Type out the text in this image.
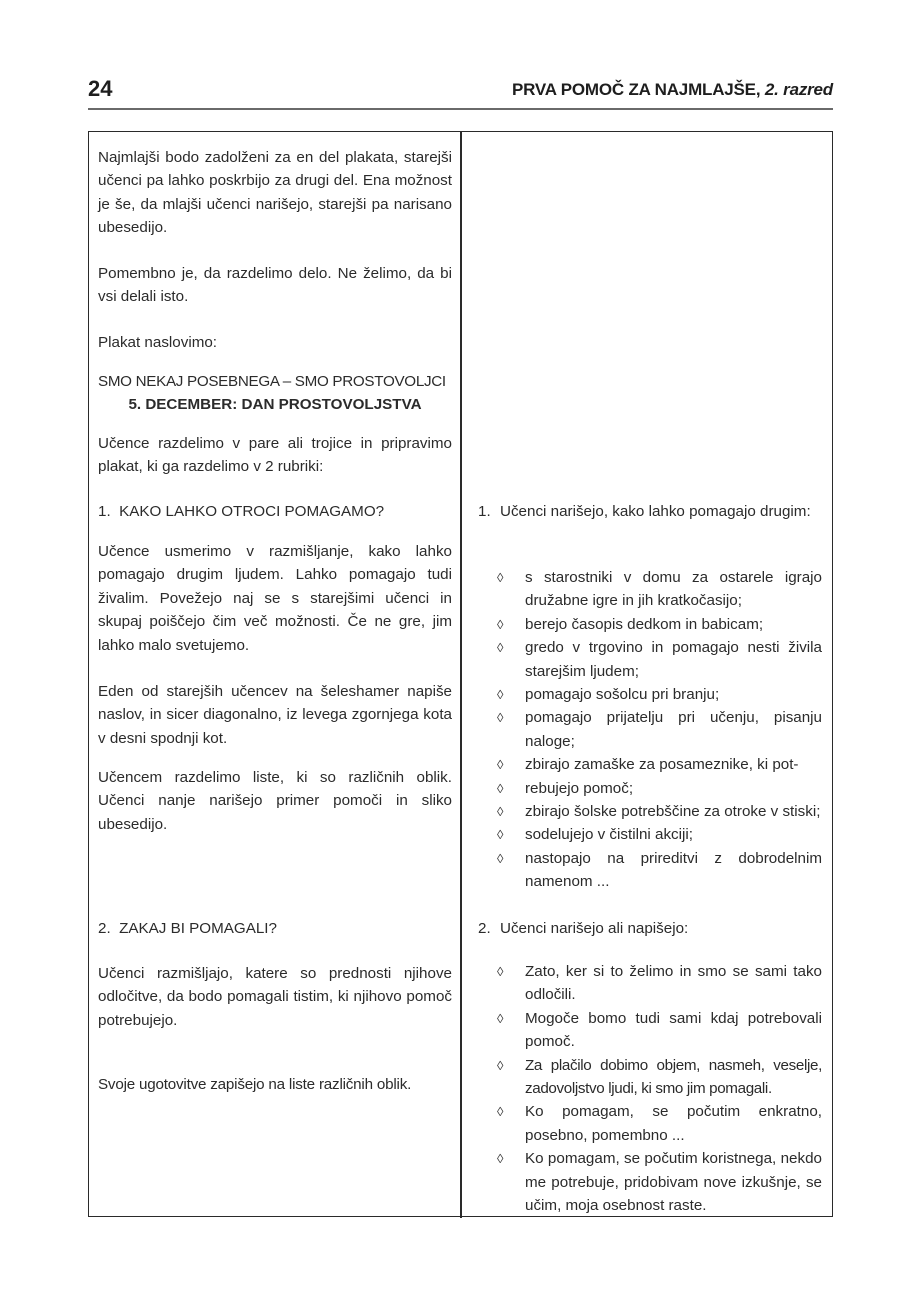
24	PRVA POMOČ ZA NAJMLAJŠE, 2. razred
Najmlajši bodo zadolženi za en del plakata, starejši učenci pa lahko poskrbijo za drugi del. Ena možnost je še, da mlajši učenci narišejo, starejši pa narisano ubesedijo.
Pomembno je, da razdelimo delo. Ne želimo, da bi vsi delali isto.
Plakat naslovimo:
SMO NEKAJ POSEBNEGA – SMO PROSTOVOLJCI
5. DECEMBER: DAN PROSTOVOLJSTVA
Učence razdelimo v pare ali trojice in pripravimo plakat, ki ga razdelimo v 2 rubriki:
1.  KAKO LAHKO OTROCI POMAGAMO?
Učence usmerimo v razmišljanje, kako lahko pomagajo drugim ljudem. Lahko pomagajo tudi živalim. Povežejo naj se s starejšimi učenci in skupaj poiščejo čim več možnosti. Če ne gre, jim lahko malo svetujemo.
Eden od starejših učencev na šeleshamer napiše naslov, in sicer diagonalno, iz levega zgornjega kota v desni spodnji kot.
Učencem razdelimo liste, ki so različnih oblik. Učenci nanje narišejo primer pomoči in sliko ubesedijo.
2.  ZAKAJ BI POMAGALI?
Učenci razmišljajo, katere so prednosti njihove odločitve, da bodo pomagali tistim, ki njihovo pomoč potrebujejo.
Svoje ugotovitve zapišejo na liste različnih oblik.
1. Učenci narišejo, kako lahko pomagajo drugim:
◊ s starostniki v domu za ostarele igrajo družabne igre in jih kratkočasijo;
◊ berejo časopis dedkom in babicam;
◊ gredo v trgovino in pomagajo nesti živila starejšim ljudem;
◊ pomagajo sošolcu pri branju;
◊ pomagajo prijatelju pri učenju, pisanju naloge;
◊ zbirajo zamaške za posameznike, ki pot-
◊ rebujejo pomoč;
◊ zbirajo šolske potrebščine za otroke v stiski;
◊ sodelujejo v čistilni akciji;
◊ nastopajo na prireditvi z dobrodelnim namenom ...
2. Učenci narišejo ali napišejo:
◊ Zato, ker si to želimo in smo se sami tako odločili.
◊ Mogoče bomo tudi sami kdaj potrebovali pomoč.
◊ Za plačilo dobimo objem, nasmeh, veselje, zadovoljstvo ljudi, ki smo jim pomagali.
◊ Ko pomagam, se počutim enkratno, posebno, pomembno ...
◊ Ko pomagam, se počutim koristnega, nekdo me potrebuje, pridobivam nove izkušnje, se učim, moja osebnost raste.
